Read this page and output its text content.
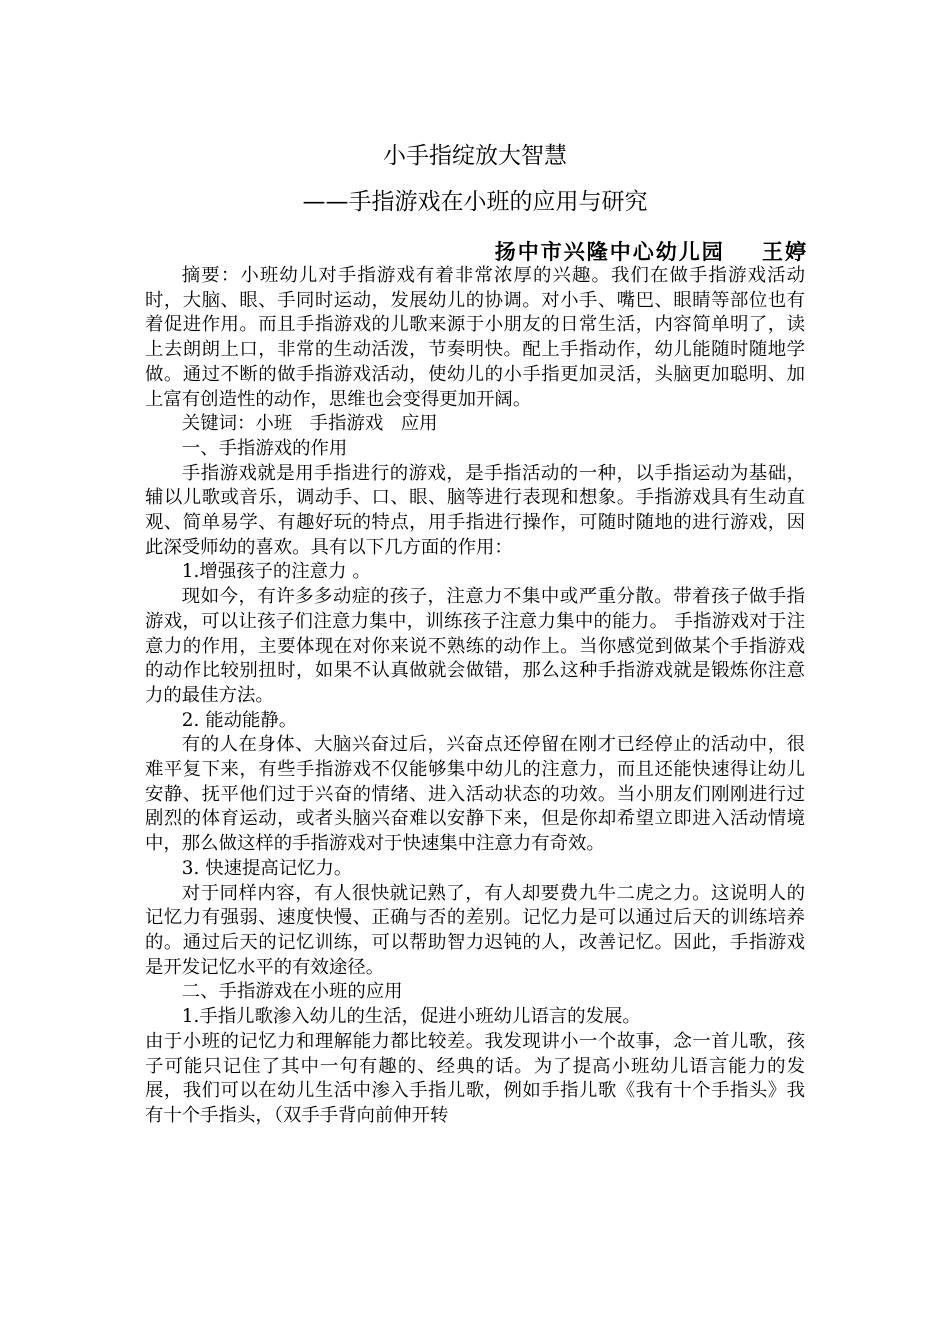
小手指绽放大智慧
——手指游戏在小班的应用与研究
扬中市兴隆中心幼儿园    王婷

摘要：小班幼儿对手指游戏有着非常浓厚的兴趣。我们在做手指游戏活动时，大脑、眼、手同时运动，发展幼儿的协调。对小手、嘴巴、眼睛等部位也有着促进作用。而且手指游戏的儿歌来源于小朋友的日常生活，内容简单明了，读上去朗朗上口，非常的生动活泼，节奏明快。配上手指动作，幼儿能随时随地学做。通过不断的做手指游戏活动，使幼儿的小手指更加灵活，头脑更加聪明、加上富有创造性的动作，思维也会变得更加开阔。

关键词：小班   手指游戏   应用

一、手指游戏的作用

手指游戏就是用手指进行的游戏，是手指活动的一种，以手指运动为基础，辅以儿歌或音乐，调动手、口、眼、脑等进行表现和想象。手指游戏具有生动直观、简单易学、有趣好玩的特点，用手指进行操作，可随时随地的进行游戏，因此深受师幼的喜欢。具有以下几方面的作用：

1.增强孩子的注意力 。

现如今，有许多多动症的孩子，注意力不集中或严重分散。带着孩子做手指游戏，可以让孩子们注意力集中，训练孩子注意力集中的能力。 手指游戏对于注意力的作用，主要体现在对你来说不熟练的动作上。当你感觉到做某个手指游戏的动作比较别扭时，如果不认真做就会做错，那么这种手指游戏就是锻炼你注意力的最佳方法。

2. 能动能静。

有的人在身体、大脑兴奋过后，兴奋点还停留在刚才已经停止的活动中，很难平复下来，有些手指游戏不仅能够集中幼儿的注意力，而且还能快速得让幼儿安静、抚平他们过于兴奋的情绪、进入活动状态的功效。当小朋友们刚刚进行过剧烈的体育运动，或者头脑兴奋难以安静下来，但是你却希望立即进入活动情境中，那么做这样的手指游戏对于快速集中注意力有奇效。

3. 快速提高记忆力。

对于同样内容，有人很快就记熟了，有人却要费九牛二虎之力。这说明人的记忆力有强弱、速度快慢、正确与否的差别。记忆力是可以通过后天的训练培养的。通过后天的记忆训练，可以帮助智力迟钝的人，改善记忆。因此，手指游戏是开发记忆水平的有效途径。

二、手指游戏在小班的应用

1.手指儿歌渗入幼儿的生活，促进小班幼儿语言的发展。

由于小班的记忆力和理解能力都比较差。我发现讲小一个故事，念一首儿歌，孩子可能只记住了其中一句有趣的、经典的话。为了提高小班幼儿语言能力的发展，我们可以在幼儿生活中渗入手指儿歌，例如手指儿歌《我有十个手指头》我有十个手指头，（双手手背向前伸开转
